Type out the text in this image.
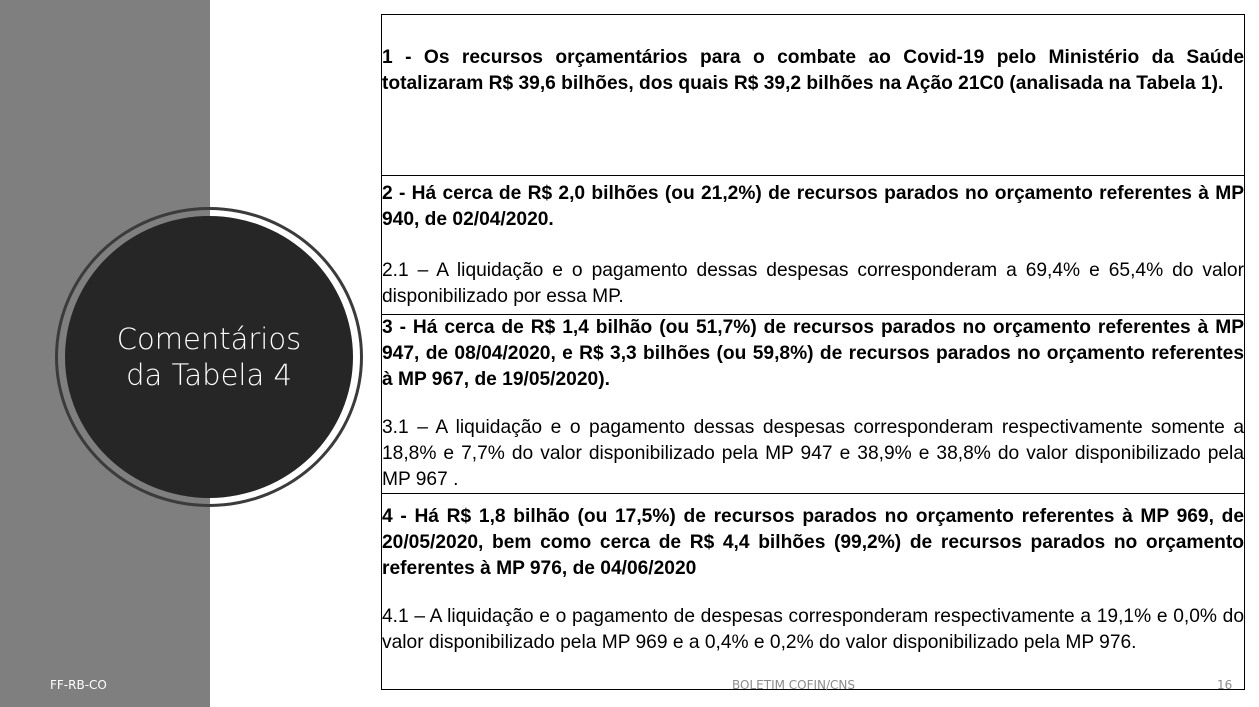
Comentários
da Tabela 4
FF-RB-CO

1 - Os recursos orçamentários para o combate ao Covid-19 pelo Ministério da Saúde totalizaram R$ 39,6 bilhões, dos quais R$ 39,2 bilhões na Ação 21C0 (analisada na Tabela 1).

2 - Há cerca de R$ 2,0 bilhões (ou 21,2%) de recursos parados no orçamento referentes à MP 940, de 02/04/2020.

2.1 – A liquidação e o pagamento dessas despesas corresponderam a 69,4% e 65,4% do valor disponibilizado por essa MP.

3 - Há cerca de R$ 1,4 bilhão (ou 51,7%) de recursos parados no orçamento referentes à MP 947, de 08/04/2020, e R$ 3,3 bilhões (ou 59,8%) de recursos parados no orçamento referentes à MP 967, de 19/05/2020).

3.1 – A liquidação e o pagamento dessas despesas corresponderam respectivamente somente a 18,8% e 7,7% do valor disponibilizado pela MP 947 e 38,9% e 38,8% do valor disponibilizado pela MP 967 .

4 - Há R$ 1,8 bilhão (ou 17,5%) de recursos parados no orçamento referentes à MP 969, de 20/05/2020, bem como cerca de R$ 4,4 bilhões (99,2%) de recursos parados no orçamento referentes à MP 976, de 04/06/2020

4.1 – A liquidação e o pagamento de despesas corresponderam respectivamente a 19,1% e 0,0% do valor disponibilizado pela MP 969 e a 0,4% e 0,2% do valor disponibilizado pela MP 976.

BOLETIM COFIN/CNS	16
